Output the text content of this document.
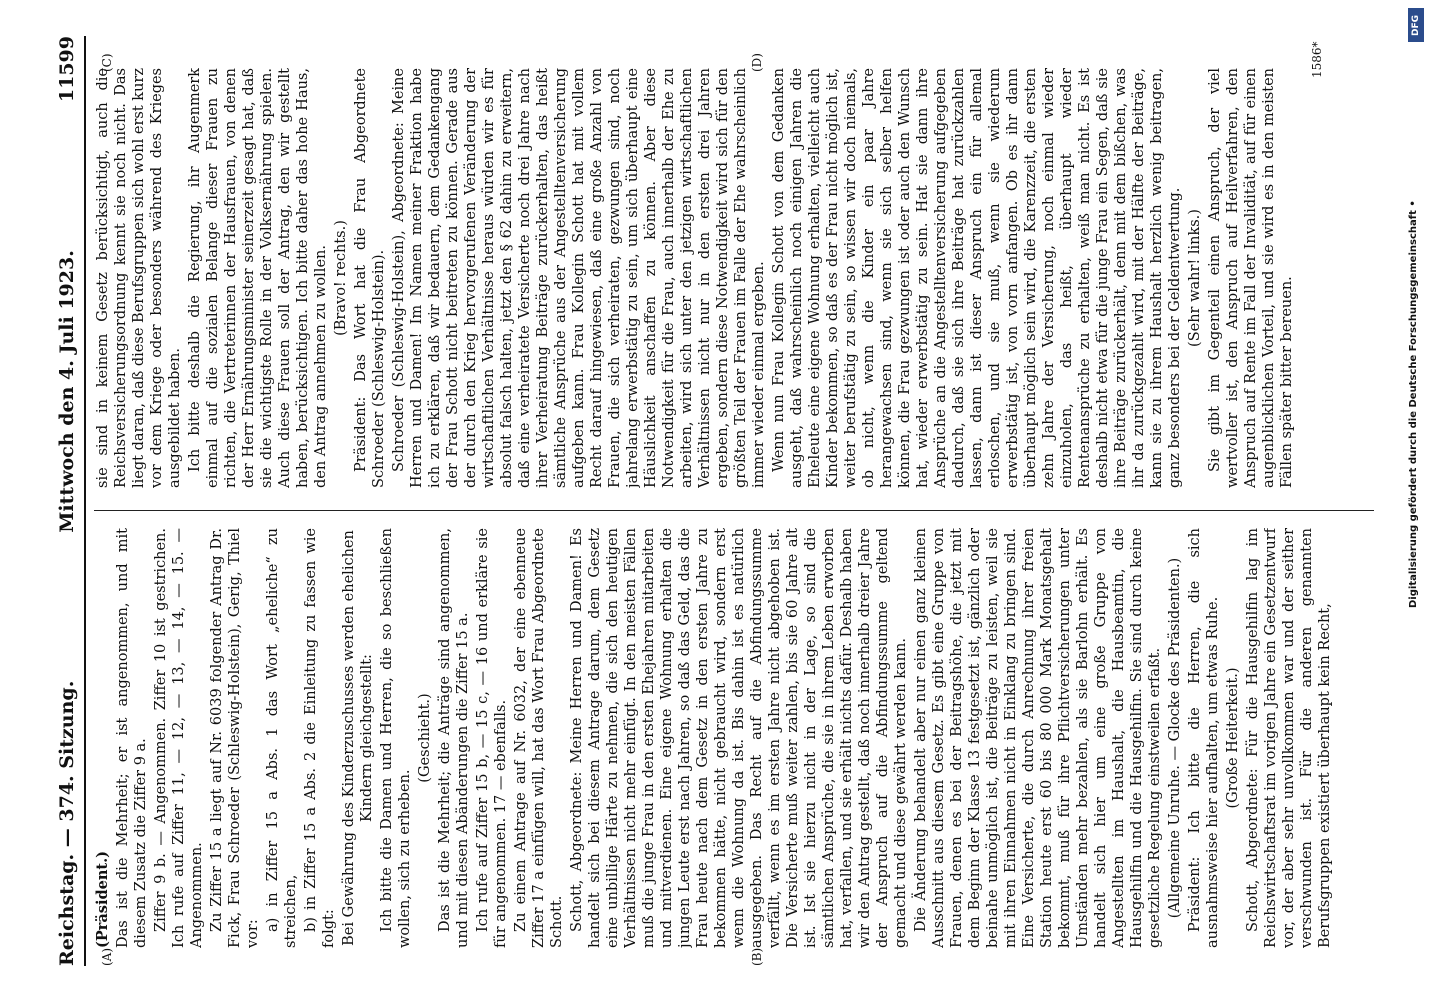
Reichstag. — 374. Sitzung.
Mittwoch den 4. Juli 1923.
11599

(Präsident.) Das ist die Mehrheit; er ist angenommen, und mit diesem Zusatz die Ziffer 9 a. Ziffer 9 b. — Angenommen. Ziffer 10 ist gestrichen. Ich rufe auf Ziffer 11, — 12, — 13, — 14, — 15. — Angenommen. Zu Ziffer 15 a liegt auf Nr. 6039 folgender Antrag Dr. Fick, Frau Schroeder (Schleswig-Holstein), Gerig, Thiel vor:

a) in Ziffer 15 a Abs. 1 das Wort „eheliche“ zu streichen, b) in Ziffer 15 a Abs. 2 die Einleitung zu fassen wie folgt: Bei Gewährung des Kinderzuschusses werden ehelichen Kindern gleichgestellt: Ich bitte die Damen und Herren, die so beschließen wollen, sich zu erheben.

(Geschieht.) Das ist die Mehrheit; die Anträge sind angenommen, und mit diesen Abänderungen die Ziffer 15 a. Ich rufe auf Ziffer 15 b, — 15 c, — 16 und erkläre sie für angenommen. 17 — ebenfalls. Zu einem Antrage auf Nr. 6032, der eine ebenneue Ziffer 17 a einfügen will, hat das Wort Frau Abgeordnete Schott. Schott, Abgeordnete: Meine Herren und Damen! Es handelt sich bei diesem Antrage darum, dem Gesetz eine unbillige Härte zu nehmen, die sich den heutigen Verhältnissen nicht mehr einfügt. In den meisten Fällen muß die junge Frau in den ersten Ehejahren mitarbeiten und mitverdienen. Eine eigene Wohnung erhalten die jungen Leute erst nach Jahren, so daß das Geld, das die Frau heute nach dem Gesetz in den ersten Jahre zu bekommen hätte, nicht gebraucht wird, sondern erst wenn die Wohnung da ist. Bis dahin ist es natürlich ausgegeben. Das Recht auf die Abfindungssumme verfällt, wenn es im ersten Jahre nicht abgehoben ist. Die Versicherte muß weiter zahlen, bis sie 60 Jahre alt ist. Ist sie hierzu nicht in der Lage, so sind die sämtlichen Ansprüche, die sie in ihrem Leben erworben hat, verfallen, und sie erhält nichts dafür. Deshalb haben wir den Antrag gestellt, daß noch innerhalb dreier Jahre der Anspruch auf die Abfindungssumme geltend gemacht und diese gewährt werden kann. Die Änderung behandelt aber nur einen ganz kleinen Ausschnitt aus diesem Gesetz. Es gibt eine Gruppe von Frauen, denen es bei der Beitragshöhe, die jetzt mit dem Beginn der Klasse 13 festgesetzt ist, gänzlich oder beinahe unmöglich ist, die Beiträge zu leisten, weil sie mit ihren Einnahmen nicht in Einklang zu bringen sind. Eine Versicherte, die durch Anrechnung ihrer freien Station heute erst 60 bis 80 000 Mark Monatsgehalt bekommt, muß für ihre Pflichtversicherungen unter Umständen mehr bezahlen, als sie Barlohn erhält. Es handelt sich hier um eine große Gruppe von Angestellten im Haushalt, die Hausbeamtin, die Hausgehilfin und die Hausgehilfin. Sie sind durch keine gesetzliche Regelung einstweilen erfaßt. (Allgemeine Unruhe. — Glocke des Präsidenten.) Präsident: Ich bitte die Herren, die sich ausnahmsweise hier aufhalten, um etwas Ruhe. (Große Heiterkeit.) Schott, Abgeordnete: Für die Hausgehilfin lag im Reichswirtschaftsrat im vorigen Jahre ein Gesetzentwurf vor, der aber sehr unvollkommen war und der seither verschwunden ist. Für die anderen genannten Berufsgruppen existiert überhaupt kein Recht,

sie sind in keinem Gesetz berücksichtigt, auch die Reichsversicherungsordnung kennt sie noch nicht. Das liegt daran, daß diese Berufsgruppen sich wohl erst kurz vor dem Kriege oder besonders während des Krieges ausgebildet haben. Ich bitte deshalb die Regierung, ihr Augenmerk einmal auf die sozialen Belange dieser Frauen zu richten, die Vertreterinnen der Hausfrauen, von denen der Herr Ernährungsminister seinerzeit gesagt hat, daß sie die wichtigste Rolle in der Volksernährung spielen. Auch diese Frauen soll der Antrag, den wir gestellt haben, berücksichtigen. Ich bitte daher das hohe Haus, den Antrag annehmen zu wollen. (Bravo! rechts.) Präsident: Das Wort hat die Frau Abgeordnete Schroeder (Schleswig-Holstein). Schroeder (Schleswig-Holstein), Abgeordnete: Meine Herren und Damen! Im Namen meiner Fraktion habe ich zu erklären, daß wir bedauern, dem Gedankengang der Frau Schott nicht beitreten zu können. Gerade aus der durch den Krieg hervorgerufenen Veränderung der wirtschaftlichen Verhältnisse heraus würden wir es für absolut falsch halten, jetzt den § 62 dahin zu erweitern, daß eine verheiratete Versicherte noch drei Jahre nach ihrer Verheiratung Beiträge zurückerhalten, das heißt sämtliche Ansprüche aus der Angestelltenversicherung aufgeben kann. Frau Kollegin Schott hat mit vollem Recht darauf hingewiesen, daß eine große Anzahl von Frauen, die sich verheiraten, gezwungen sind, noch jahrelang erwerbstätig zu sein, um sich überhaupt eine Häuslichkeit anschaffen zu können. Aber diese Notwendigkeit für die Frau, auch innerhalb der Ehe zu arbeiten, wird sich unter den jetzigen wirtschaftlichen Verhältnissen nicht nur in den ersten drei Jahren ergeben, sondern diese Notwendigkeit wird sich für den größten Teil der Frauen im Falle der Ehe wahrscheinlich immer wieder einmal ergeben. Wenn nun Frau Kollegin Schott von dem Gedanken ausgeht, daß wahrscheinlich noch einigen Jahren die Eheleute eine eigene Wohnung erhalten, vielleicht auch Kinder bekommen, so daß es der Frau nicht möglich ist, weiter berufstätig zu sein, so wissen wir doch niemals, ob nicht, wenn die Kinder ein paar Jahre herangewachsen sind, wenn sie sich selber helfen können, die Frau gezwungen ist oder auch den Wunsch hat, wieder erwerbstätig zu sein. Hat sie dann ihre Ansprüche an die Angestelltenversicherung aufgegeben dadurch, daß sie sich ihre Beiträge hat zurückzahlen lassen, dann ist dieser Anspruch ein für allemal erloschen, und sie muß, wenn sie wiederum erwerbstätig ist, von vorn anfangen. Ob es ihr dann überhaupt möglich sein wird, die Karenzzeit, die ersten zehn Jahre der Versicherung, noch einmal wieder einzuholen, das heißt, überhaupt wieder Rentenansprüche zu erhalten, weiß man nicht. Es ist deshalb nicht etwa für die junge Frau ein Segen, daß sie ihre Beiträge zurückerhält, denn mit dem bißchen, was ihr da zurückgezahlt wird, mit der Hälfte der Beiträge, kann sie zu ihrem Haushalt herzlich wenig beitragen, ganz besonders bei der Geldentwertung. (Sehr wahr! links.) Sie gibt im Gegenteil einen Anspruch, der viel wertvoller ist, den Anspruch auf Heilverfahren, den Anspruch auf Rente im Fall der Invalidität, auf für einen augenblicklichen Vorteil, und sie wird es in den meisten Fällen später bitter bereuen.

(A)	(B)
(C)	(D)	1586*
DFG
Digitalisierung gefördert durch die Deutsche Forschungsgemeinschaft •
